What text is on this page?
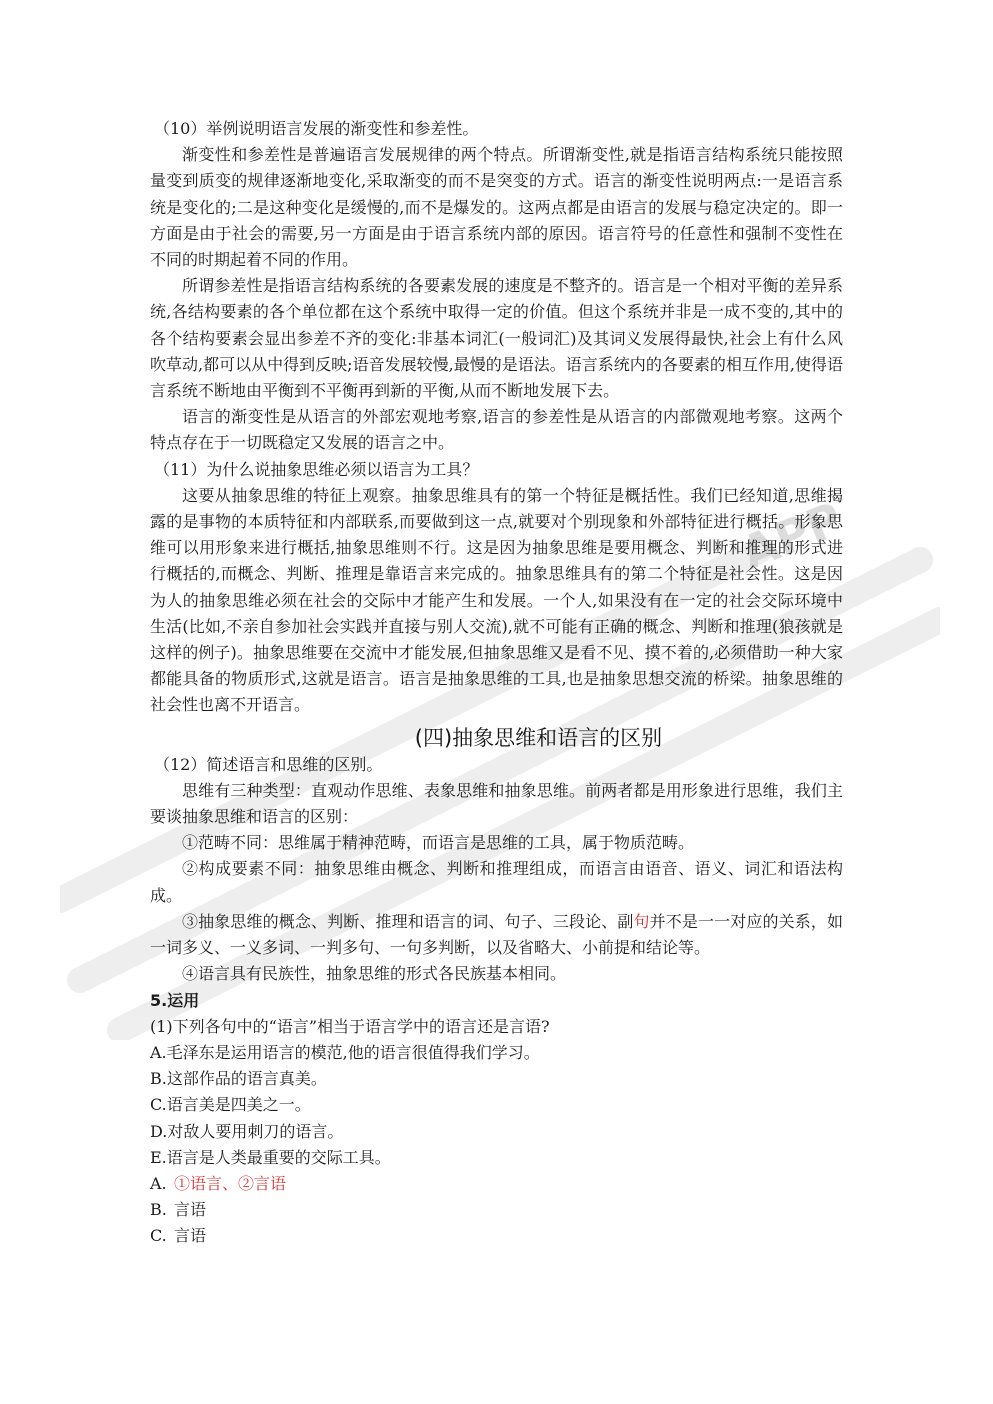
APP

（10）举例说明语言发展的渐变性和参差性。

渐变性和参差性是普遍语言发展规律的两个特点。所谓渐变性,就是指语言结构系统只能按照量变到质变的规律逐渐地变化,采取渐变的而不是突变的方式。语言的渐变性说明两点:一是语言系统是变化的;二是这种变化是缓慢的,而不是爆发的。这两点都是由语言的发展与稳定决定的。即一方面是由于社会的需要,另一方面是由于语言系统内部的原因。语言符号的任意性和强制不变性在不同的时期起着不同的作用。

所谓参差性是指语言结构系统的各要素发展的速度是不整齐的。语言是一个相对平衡的差异系统,各结构要素的各个单位都在这个系统中取得一定的价值。但这个系统并非是一成不变的,其中的各个结构要素会显出参差不齐的变化:非基本词汇(一般词汇)及其词义发展得最快,社会上有什么风吹草动,都可以从中得到反映;语音发展较慢,最慢的是语法。语言系统内的各要素的相互作用,使得语言系统不断地由平衡到不平衡再到新的平衡,从而不断地发展下去。

语言的渐变性是从语言的外部宏观地考察,语言的参差性是从语言的内部微观地考察。这两个特点存在于一切既稳定又发展的语言之中。

（11）为什么说抽象思维必须以语言为工具？

这要从抽象思维的特征上观察。抽象思维具有的第一个特征是概括性。我们已经知道,思维揭露的是事物的本质特征和内部联系,而要做到这一点,就要对个别现象和外部特征进行概括。形象思维可以用形象来进行概括,抽象思维则不行。这是因为抽象思维是要用概念、判断和推理的形式进行概括的,而概念、判断、推理是靠语言来完成的。抽象思维具有的第二个特征是社会性。这是因为人的抽象思维必须在社会的交际中才能产生和发展。一个人,如果没有在一定的社会交际环境中生活(比如,不亲自参加社会实践并直接与别人交流),就不可能有正确的概念、判断和推理(狼孩就是这样的例子)。抽象思维要在交流中才能发展,但抽象思维又是看不见、摸不着的,必须借助一种大家都能具备的物质形式,这就是语言。语言是抽象思维的工具,也是抽象思想交流的桥梁。抽象思维的社会性也离不开语言。

(四)抽象思维和语言的区别

（12）简述语言和思维的区别。

思维有三种类型：直观动作思维、表象思维和抽象思维。前两者都是用形象进行思维，我们主要谈抽象思维和语言的区别：

①范畴不同：思维属于精神范畴，而语言是思维的工具，属于物质范畴。

②构成要素不同：抽象思维由概念、判断和推理组成，而语言由语音、语义、词汇和语法构成。

③抽象思维的概念、判断、推理和语言的词、句子、三段论、副句并不是一一对应的关系，如一词多义、一义多词、一判多句、一句多判断，以及省略大、小前提和结论等。

④语言具有民族性，抽象思维的形式各民族基本相同。

5.运用

(1)下列各句中的“语言”相当于语言学中的语言还是言语?

A.毛泽东是运用语言的模范,他的语言很值得我们学习。

B.这部作品的语言真美。

C.语言美是四美之一。

D.对敌人要用刺刀的语言。

E.语言是人类最重要的交际工具。

A. ①语言、②言语

B. 言语

C. 言语
